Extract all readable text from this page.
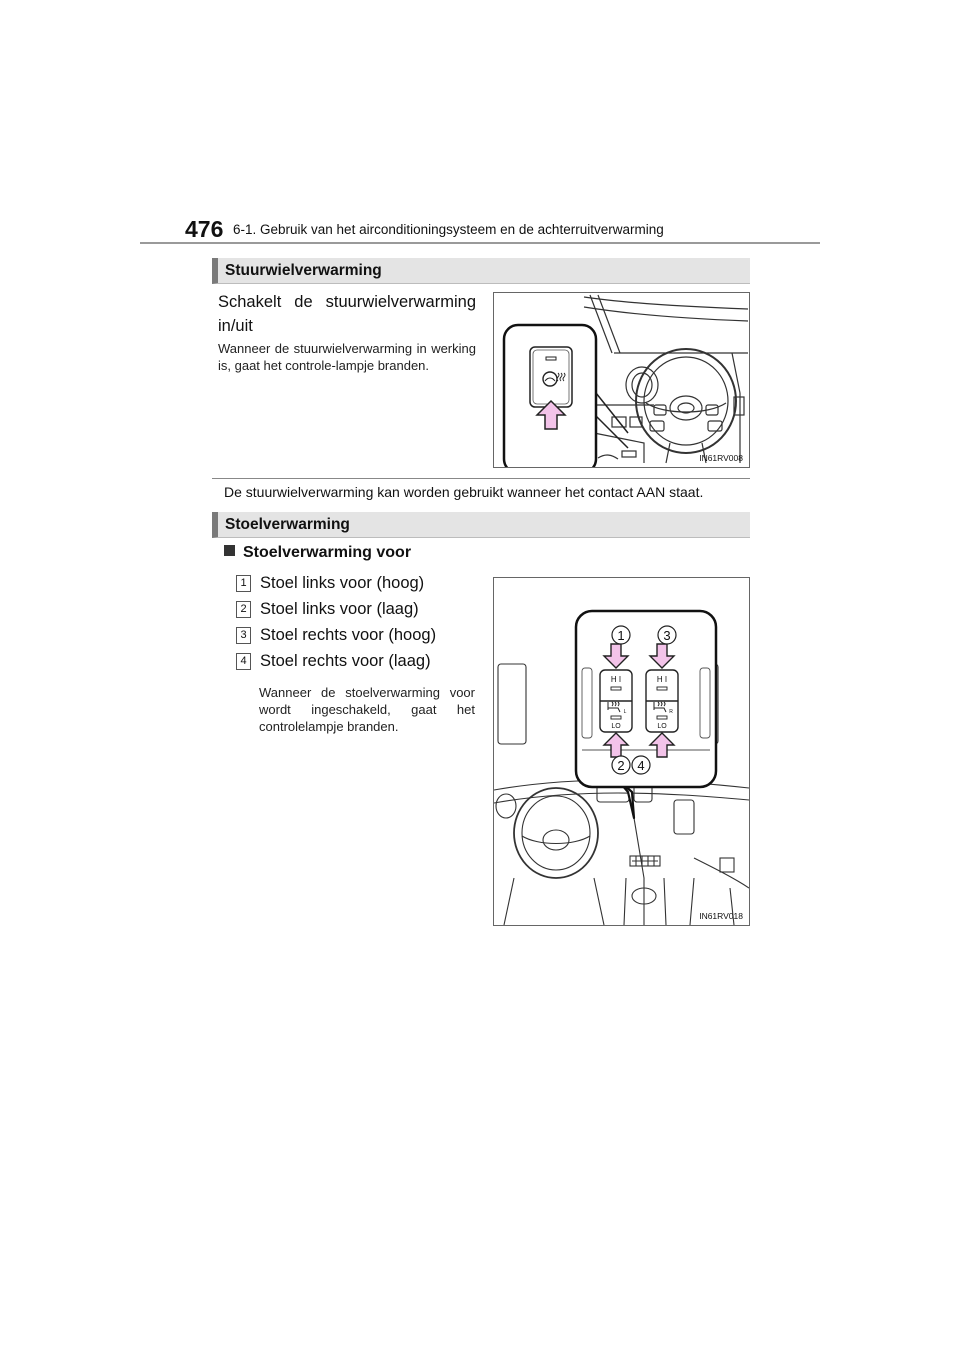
476 6-1. Gebruik van het airconditioningsysteem en de achterruitverwarming
Stuurwielverwarming
Schakelt de stuurwielverwarming in/uit
Wanneer de stuurwielverwarming in werking is, gaat het controle-lampje branden.
IN61RV008
De stuurwielverwarming kan worden gebruikt wanneer het contact AAN staat.
Stoelverwarming
Stoelverwarming voor
1 Stoel links voor (hoog)
2 Stoel links voor (laag)
3 Stoel rechts voor (hoog)
4 Stoel rechts voor (laag)
Wanneer de stoelverwarming voor wordt ingeschakeld, gaat het controlelampje branden.
H I	H I
LO	LO
L	R
1	3
2 4
IN61RV018
